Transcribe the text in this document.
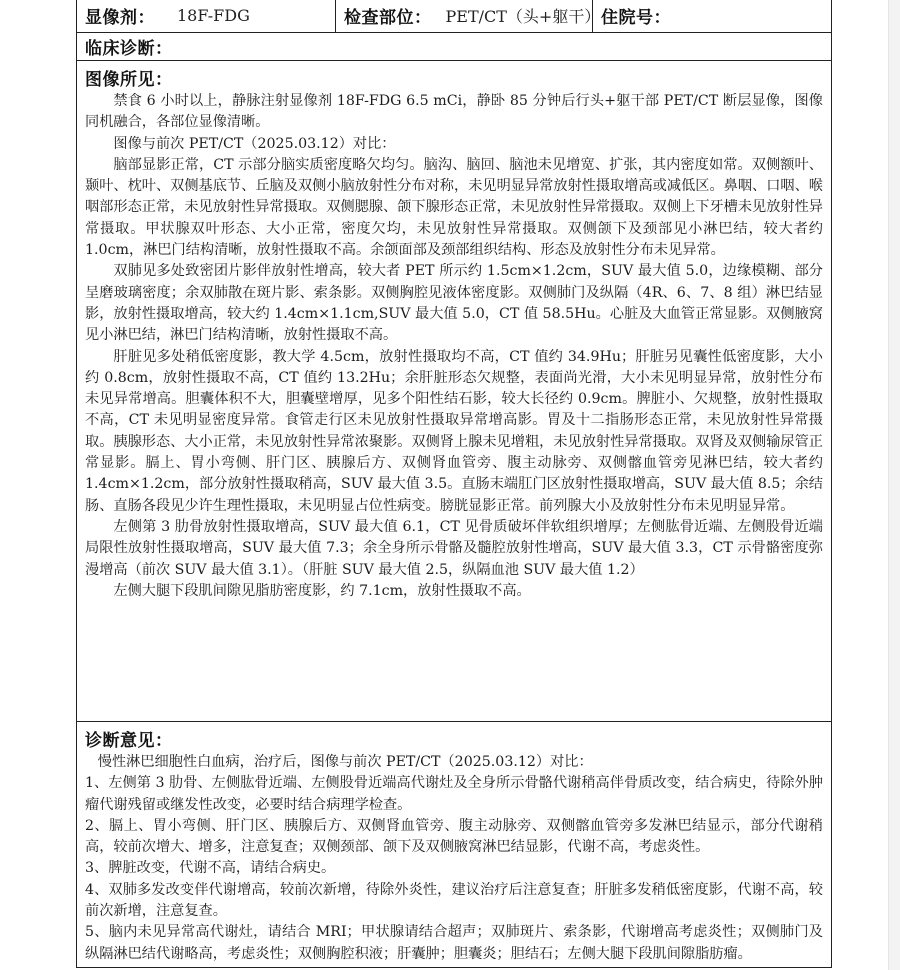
显像剂： 18F-FDG	检查部位： PET/CT（头+躯干） 住院号：
临床诊断：
图像所见：

禁食 6 小时以上，静脉注射显像剂 18F-FDG 6.5 mCi，静卧 85 分钟后行头+躯干部 PET/CT 断层显像，图像同机融合，各部位显像清晰。

图像与前次 PET/CT（2025.03.12）对比：

脑部显影正常，CT 示部分脑实质密度略欠均匀。脑沟、脑回、脑池未见增宽、扩张，其内密度如常。双侧额叶、颞叶、枕叶、双侧基底节、丘脑及双侧小脑放射性分布对称，未见明显异常放射性摄取增高或减低区。鼻咽、口咽、喉咽部形态正常，未见放射性异常摄取。双侧腮腺、颌下腺形态正常，未见放射性异常摄取。双侧上下牙槽未见放射性异常摄取。甲状腺双叶形态、大小正常，密度欠均，未见放射性异常摄取。双侧颌下及颈部见小淋巴结，较大者约 1.0cm，淋巴门结构清晰，放射性摄取不高。余颌面部及颈部组织结构、形态及放射性分布未见异常。

双肺见多处致密团片影伴放射性增高，较大者 PET 所示约 1.5cm×1.2cm，SUV 最大值 5.0，边缘模糊、部分呈磨玻璃密度；余双肺散在斑片影、索条影。双侧胸腔见液体密度影。双侧肺门及纵隔（4R、6、7、8 组）淋巴结显影，放射性摄取增高，较大约 1.4cm×1.1cm,SUV 最大值 5.0，CT 值 58.5Hu。心脏及大血管正常显影。双侧腋窝见小淋巴结，淋巴门结构清晰，放射性摄取不高。

肝脏见多处稍低密度影，教大学 4.5cm，放射性摄取均不高，CT 值约 34.9Hu；肝脏另见囊性低密度影，大小约 0.8cm，放射性摄取不高，CT 值约 13.2Hu；余肝脏形态欠规整，表面尚光滑，大小未见明显异常，放射性分布未见异常增高。胆囊体积不大，胆囊壁增厚，见多个阳性结石影，较大长径约 0.9cm。脾脏小、欠规整，放射性摄取不高，CT 未见明显密度异常。食管走行区未见放射性摄取异常增高影。胃及十二指肠形态正常，未见放射性异常摄取。胰腺形态、大小正常，未见放射性异常浓聚影。双侧肾上腺未见增粗，未见放射性异常摄取。双肾及双侧输尿管正常显影。膈上、胃小弯侧、肝门区、胰腺后方、双侧肾血管旁、腹主动脉旁、双侧髂血管旁见淋巴结，较大者约 1.4cm×1.2cm，部分放射性摄取稍高，SUV 最大值 3.5。直肠末端肛门区放射性摄取增高，SUV 最大值 8.5；余结肠、直肠各段见少许生理性摄取，未见明显占位性病变。膀胱显影正常。前列腺大小及放射性分布未见明显异常。

左侧第 3 肋骨放射性摄取增高，SUV 最大值 6.1，CT 见骨质破坏伴软组织增厚；左侧肱骨近端、左侧股骨近端局限性放射性摄取增高，SUV 最大值 7.3；余全身所示骨骼及髓腔放射性增高，SUV 最大值 3.3，CT 示骨骼密度弥漫增高（前次 SUV 最大值 3.1）。（肝脏 SUV 最大值 2.5，纵隔血池 SUV 最大值 1.2）

左侧大腿下段肌间隙见脂肪密度影，约 7.1cm，放射性摄取不高。

诊断意见：

慢性淋巴细胞性白血病，治疗后，图像与前次 PET/CT（2025.03.12）对比：

1、左侧第 3 肋骨、左侧肱骨近端、左侧股骨近端高代谢灶及全身所示骨骼代谢稍高伴骨质改变，结合病史，待除外肿瘤代谢残留或继发性改变，必要时结合病理学检查。

2、膈上、胃小弯侧、肝门区、胰腺后方、双侧肾血管旁、腹主动脉旁、双侧髂血管旁多发淋巴结显示，部分代谢稍高，较前次增大、增多，注意复查；双侧颈部、颌下及双侧腋窝淋巴结显影，代谢不高，考虑炎性。

3、脾脏改变，代谢不高，请结合病史。

4、双肺多发改变伴代谢增高，较前次新增，待除外炎性，建议治疗后注意复查；肝脏多发稍低密度影，代谢不高，较前次新增，注意复查。

5、脑内未见异常高代谢灶，请结合 MRI；甲状腺请结合超声；双肺斑片、索条影，代谢增高考虑炎性；双侧肺门及纵隔淋巴结代谢略高，考虑炎性；双侧胸腔积液；肝囊肿；胆囊炎；胆结石；左侧大腿下段肌间隙脂肪瘤。
